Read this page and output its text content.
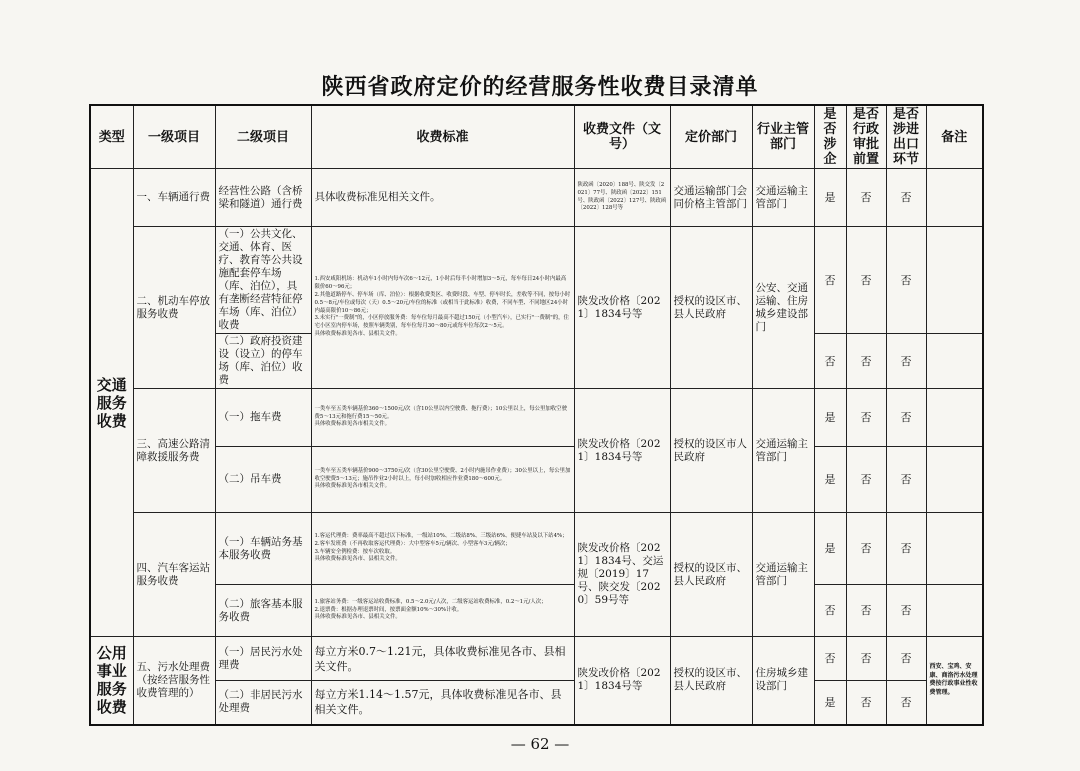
陕西省政府定价的经营服务性收费目录清单
类型	一级项目	二级项目	收费标准	收费文件（文号）	定价部门	行业主管部门	是否涉企	是否行政审批前置	是否涉进出口环节	备注
交通服务收费	一、车辆通行费	经营性公路（含桥梁和隧道）通行费	具体收费标准见相关文件。	陕政函〔2020〕188号、陕交发〔2021〕77号、陕政函〔2022〕151号、陕政函〔2022〕127号、陕政函〔2022〕128号等	交通运输部门会同价格主管部门	交通运输主管部门	是	否	否	
	二、机动车停放服务收费	（一）公共文化、交通、体育、医疗、教育等公共设施配套停车场（库、泊位），具有垄断经营特征停车场（库、泊位）收费	1.西安咸阳机场：机动车1小时内每车次6～12元，1小时后每半小时增加3～5元，每车每日24小时内最高限价60～96元；
2.其他道路停车、停车场（库、泊位）：根据收费类区、收费时段、车型、停车时长，差收等不同，按每小时0.5～8元/车位或每次（天）0.5～20元/车位的标准（或相当于此标准）收费，不同车型、不同地区24小时内最高限价10～86元；
3.未实行"一费制"的，小区停放服务费：每车位每月最高不超过150元（小型汽车），已实行"一费制"的，住宅小区室内停车场，按照车辆类别，每车位每月30～80元或每车位每次2～5元。
具体收费标准见各市、县相关文件。	陕发改价格〔2021〕1834号等	授权的设区市、县人民政府	公安、交通运输、住房城乡建设部门	否	否	否	
		（二）政府投资建设（设立）的停车场（库、泊位）收费					否	否	否	
	三、高速公路清障救援服务费	（一）拖车费	一类车至五类车辆基价360～1500元/次（含10公里以内空驶费、拖行费）；10公里以上，每公里加收空驶费5～13元和拖行费15～50元。
具体收费标准见各市相关文件。	陕发改价格〔2021〕1834号等	授权的设区市人民政府	交通运输主管部门	是	否	否	
		（二）吊车费	一类车至五类车辆基价900～3750元/次（含30公里空驶费、2小时内施吊作业费）；30公里以上，每公里加收空驶费5～13元；施吊作业2小时以上，每小时加收相应作业费180～600元。
具体收费标准见各市相关文件。				是	否	否	
	四、汽车客运站服务收费	（一）车辆站务基本服务收费	1.客运代理费：费率最高不超过以下标准，一级站10%、二级站8%、三级站6%、便捷车站及以下站4%；
2.客车发班费（不再收取客运代理费）：大中型客车5元/辆次、小型客车3元/辆次；
3.车辆安全例检费：按车次收取。
具体收费标准见各市、县相关文件。	陕发改价格〔2021〕1834号、交运规〔2019〕17号、陕交发〔2020〕59号等	授权的设区市、县人民政府	交通运输主管部门	是	否	否	
		（二）旅客基本服务收费	1.旅客站务费：一级客运站收费标准，0.5～2.0元/人次，二级客运站收费标准，0.2～1元/人次；
2.退票费：根据办理退票时间，按票面金额10%～30%计收。
具体收费标准见各市、县相关文件。				否	否	否	

公用事业服务收费	五、污水处理费（按经营服务性收费管理的）	（一）居民污水处理费	每立方米0.7～1.21元，具体收费标准见各市、县相关文件。	陕发改价格〔2021〕1834号等	授权的设区市、县人民政府	住房城乡建设部门	否	否	否	西安、宝鸡、安康、商洛污水处理费按行政事业性收费管理。
		（二）非居民污水处理费	每立方米1.14～1.57元，具体收费标准见各市、县相关文件。				是	否	否	
— 62 —
